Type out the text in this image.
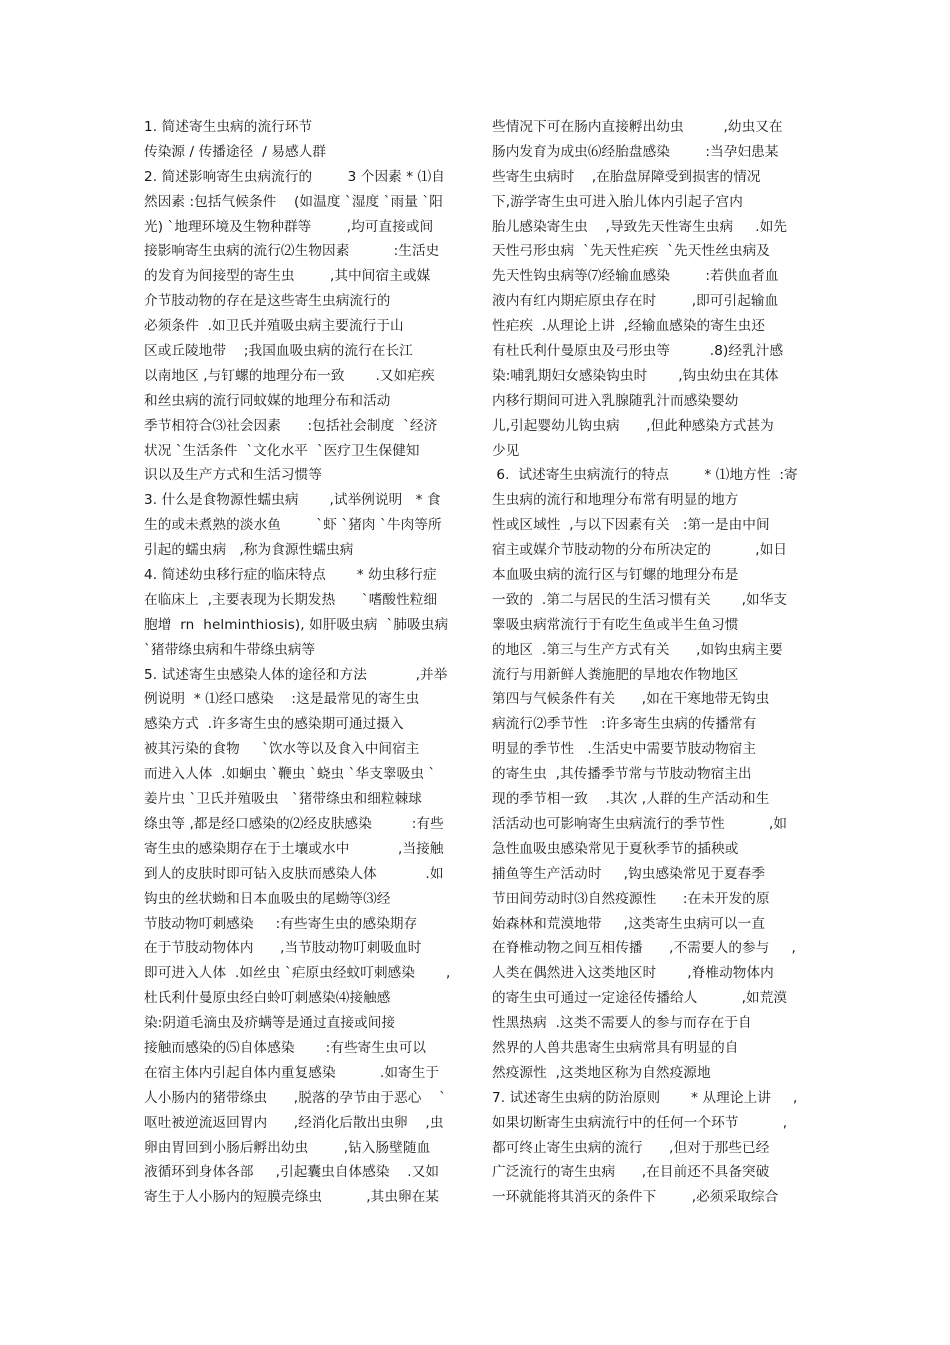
1. 简述寄生虫病的流行环节
传染源 / 传播途径  / 易感人群
2. 简述影响寄生虫病流行的        3 个因素 * ⑴自
然因素 :包括气候条件    (如温度 `湿度 `雨量 `阳
光) `地理环境及生物种群等        ,均可直接或间
接影响寄生虫病的流行⑵生物因素          :生活史
的发育为间接型的寄生虫        ,其中间宿主或媒
介节肢动物的存在是这些寄生虫病流行的
必须条件  .如卫氏并殖吸虫病主要流行于山
区或丘陵地带    ;我国血吸虫病的流行在长江
以南地区 ,与钉螺的地理分布一致       .又如疟疾
和丝虫病的流行同蚊媒的地理分布和活动
季节相符合⑶社会因素      :包括社会制度  `经济
状况 `生活条件  `文化水平  `医疗卫生保健知
识以及生产方式和生活习惯等
3. 什么是食物源性蠕虫病       ,试举例说明   * 食
生的或未煮熟的淡水鱼        `虾 `猪肉 `牛肉等所
引起的蠕虫病   ,称为食源性蠕虫病
4. 简述幼虫移行症的临床特点       * 幼虫移行症
在临床上  ,主要表现为长期发热      `嗜酸性粒细
胞增  rn  helminthiosis), 如肝吸虫病  `肺吸虫病
`猪带绦虫病和牛带绦虫病等
5. 试述寄生虫感染人体的途径和方法           ,并举
例说明  * ⑴经口感染    :这是最常见的寄生虫
感染方式  .许多寄生虫的感染期可通过摄入
被其污染的食物     `饮水等以及食入中间宿主
而进入人体  .如蛔虫 `鞭虫 `蛲虫 `华支睾吸虫 `
姜片虫 `卫氏并殖吸虫   `猪带绦虫和细粒棘球
绦虫等 ,都是经口感染的⑵经皮肤感染         :有些
寄生虫的感染期存在于土壤或水中           ,当接触
到人的皮肤时即可钻入皮肤而感染人体           .如
钩虫的丝状蚴和日本血吸虫的尾蚴等⑶经
节肢动物叮刺感染     :有些寄生虫的感染期存
在于节肢动物体内      ,当节肢动物叮刺吸血时
即可进入人体  .如丝虫 `疟原虫经蚊叮刺感染       ,
杜氏利什曼原虫经白蛉叮刺感染⑷接触感
染:阴道毛滴虫及疥螨等是通过直接或间接
接触而感染的⑸自体感染       :有些寄生虫可以
在宿主体内引起自体内重复感染          .如寄生于
人小肠内的猪带绦虫      ,脱落的孕节由于恶心    `
呕吐被逆流返回胃内      ,经消化后散出虫卵    ,虫
卵由胃回到小肠后孵出幼虫        ,钻入肠壁随血
液循环到身体各部     ,引起囊虫自体感染    .又如
寄生于人小肠内的短膜壳绦虫          ,其虫卵在某
些情况下可在肠内直接孵出幼虫         ,幼虫又在
肠内发育为成虫⑹经胎盘感染        :当孕妇患某
些寄生虫病时    ,在胎盘屏障受到损害的情况
下,游学寄生虫可进入胎儿体内引起子宫内
胎儿感染寄生虫    ,导致先天性寄生虫病     .如先
天性弓形虫病  `先天性疟疾  `先天性丝虫病及
先天性钩虫病等⑺经输血感染        :若供血者血
液内有红内期疟原虫存在时        ,即可引起输血
性疟疾  .从理论上讲  ,经输血感染的寄生虫还
有杜氏利什曼原虫及弓形虫等         .8)经乳汁感
染:哺乳期妇女感染钩虫时       ,钩虫幼虫在其体
内移行期间可进入乳腺随乳汁而感染婴幼
儿,引起婴幼儿钩虫病      ,但此种感染方式甚为
少见
6.  试述寄生虫病流行的特点        * ⑴地方性  :寄
生虫病的流行和地理分布常有明显的地方
性或区域性  ,与以下因素有关   :第一是由中间
宿主或媒介节肢动物的分布所决定的          ,如日
本血吸虫病的流行区与钉螺的地理分布是
一致的  .第二与居民的生活习惯有关       ,如华支
睾吸虫病常流行于有吃生鱼或半生鱼习惯
的地区  .第三与生产方式有关      ,如钩虫病主要
流行与用新鲜人粪施肥的旱地农作物地区
第四与气候条件有关      ,如在干寒地带无钩虫
病流行⑵季节性   :许多寄生虫病的传播常有
明显的季节性   .生活史中需要节肢动物宿主
的寄生虫  ,其传播季节常与节肢动物宿主出
现的季节相一致    .其次 ,人群的生产活动和生
活活动也可影响寄生虫病流行的季节性          ,如
急性血吸虫感染常见于夏秋季节的插秧或
捕鱼等生产活动时     ,钩虫感染常见于夏春季
节田间劳动时⑶自然疫源性      :在未开发的原
始森林和荒漠地带     ,这类寄生虫病可以一直
在脊椎动物之间互相传播      ,不需要人的参与     ,
人类在偶然进入这类地区时       ,脊椎动物体内
的寄生虫可通过一定途径传播给人          ,如荒漠
性黑热病  .这类不需要人的参与而存在于自
然界的人兽共患寄生虫病常具有明显的自
然疫源性  ,这类地区称为自然疫源地
7. 试述寄生虫病的防治原则       * 从理论上讲     ,
如果切断寄生虫病流行中的任何一个环节          ,
都可终止寄生虫病的流行      ,但对于那些已经
广泛流行的寄生虫病      ,在目前还不具备突破
一环就能将其消灭的条件下        ,必须采取综合
